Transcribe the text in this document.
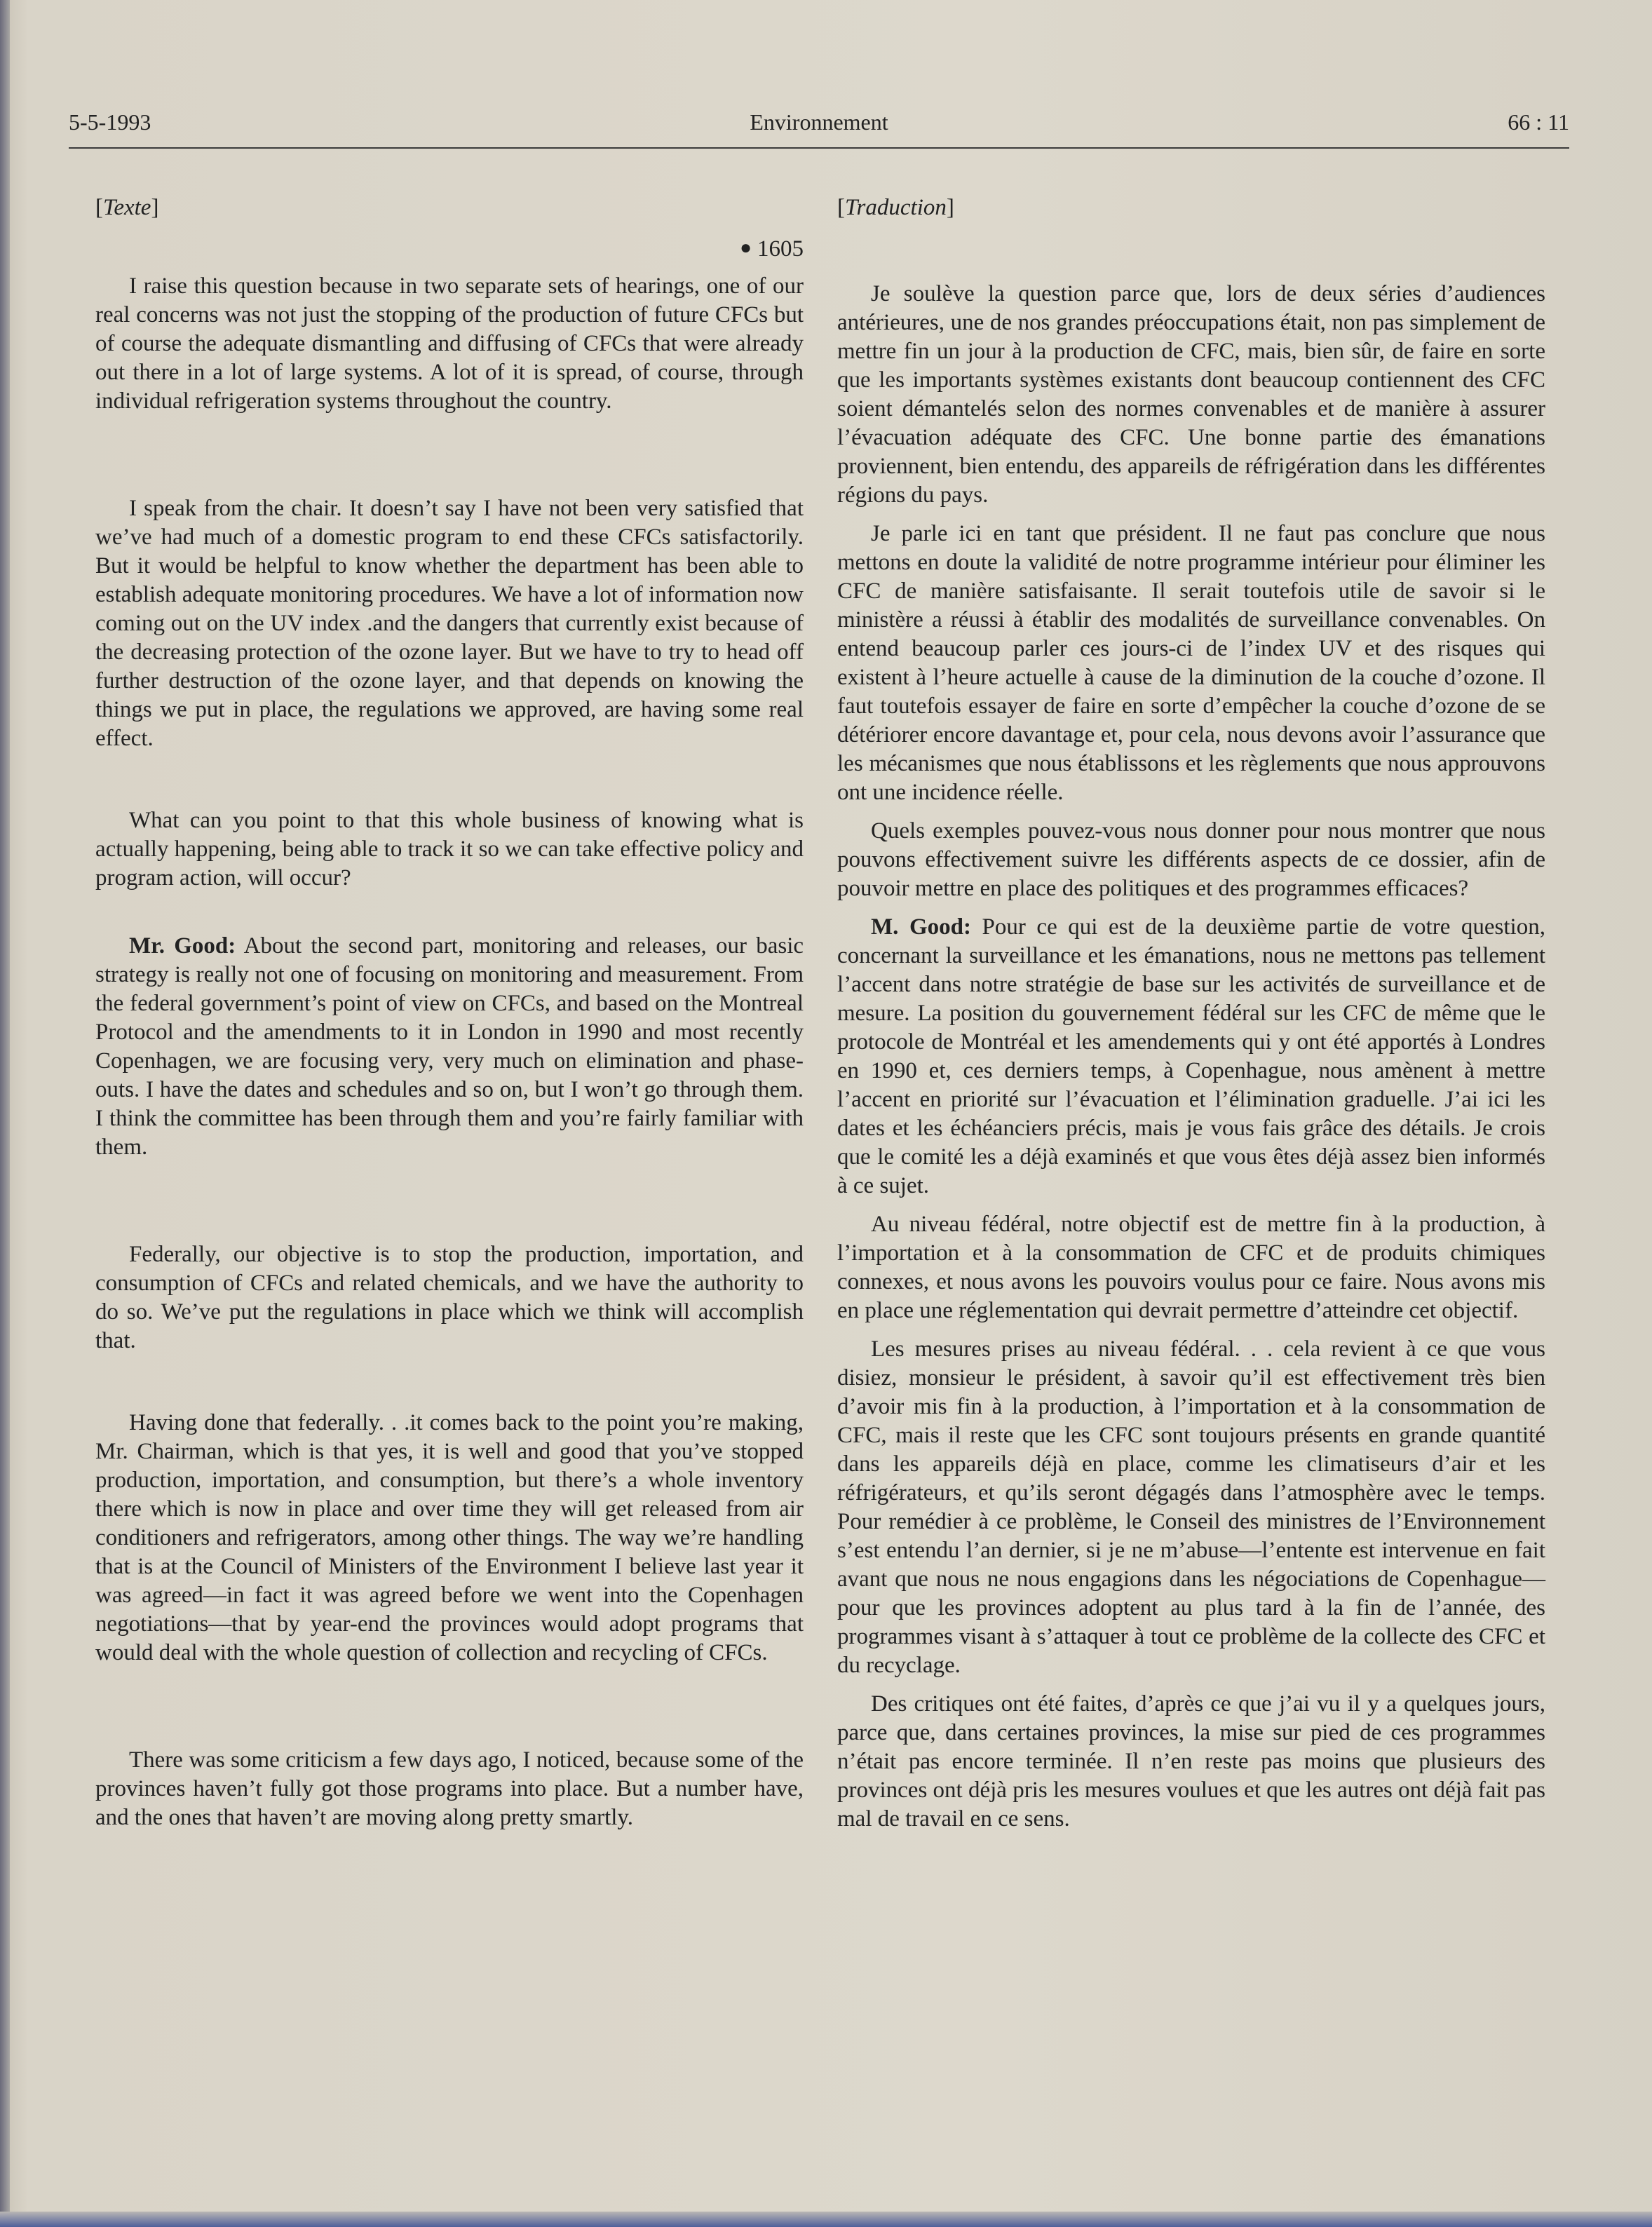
Environnement
5-5-1993	66 : 11
[Texte]
● 1605

I raise this question because in two separate sets of hearings, one of our real concerns was not just the stopping of the production of future CFCs but of course the adequate dismantling and diffusing of CFCs that were already out there in a lot of large systems. A lot of it is spread, of course, through individual refrigeration systems throughout the country.

I speak from the chair. It doesn’t say I have not been very satisfied that we’ve had much of a domestic program to end these CFCs satisfactorily. But it would be helpful to know whether the department has been able to establish adequate monitoring procedures. We have a lot of information now coming out on the UV index .and the dangers that currently exist because of the decreasing protection of the ozone layer. But we have to try to head off further destruction of the ozone layer, and that depends on knowing the things we put in place, the regulations we approved, are having some real effect.

What can you point to that this whole business of knowing what is actually happening, being able to track it so we can take effective policy and program action, will occur?

Mr. Good: About the second part, monitoring and releases, our basic strategy is really not one of focusing on monitoring and measurement. From the federal government’s point of view on CFCs, and based on the Montreal Protocol and the amendments to it in London in 1990 and most recently Copenhagen, we are focusing very, very much on elimination and phase-outs. I have the dates and schedules and so on, but I won’t go through them. I think the committee has been through them and you’re fairly familiar with them.

Federally, our objective is to stop the production, importation, and consumption of CFCs and related chemicals, and we have the authority to do so. We’ve put the regulations in place which we think will accomplish that.

Having done that federally. . .it comes back to the point you’re making, Mr. Chairman, which is that yes, it is well and good that you’ve stopped production, importation, and consumption, but there’s a whole inventory there which is now in place and over time they will get released from air conditioners and refrigerators, among other things. The way we’re handling that is at the Council of Ministers of the Environment I believe last year it was agreed—in fact it was agreed before we went into the Copenhagen negotiations—that by year-end the provinces would adopt programs that would deal with the whole question of collection and recycling of CFCs.

There was some criticism a few days ago, I noticed, because some of the provinces haven’t fully got those programs into place. But a number have, and the ones that haven’t are moving along pretty smartly.

[Traduction]

Je soulève la question parce que, lors de deux séries d’audiences antérieures, une de nos grandes préoccupations était, non pas simplement de mettre fin un jour à la production de CFC, mais, bien sûr, de faire en sorte que les importants systèmes existants dont beaucoup contiennent des CFC soient démantelés selon des normes convenables et de manière à assurer l’évacuation adéquate des CFC. Une bonne partie des émanations proviennent, bien entendu, des appareils de réfrigération dans les différentes régions du pays.

Je parle ici en tant que président. Il ne faut pas conclure que nous mettons en doute la validité de notre programme intérieur pour éliminer les CFC de manière satisfaisante. Il serait toutefois utile de savoir si le ministère a réussi à établir des modalités de surveillance convenables. On entend beaucoup parler ces jours-ci de l’index UV et des risques qui existent à l’heure actuelle à cause de la diminution de la couche d’ozone. Il faut toutefois essayer de faire en sorte d’empêcher la couche d’ozone de se détériorer encore davantage et, pour cela, nous devons avoir l’assurance que les mécanismes que nous établissons et les règlements que nous approuvons ont une incidence réelle.

Quels exemples pouvez-vous nous donner pour nous montrer que nous pouvons effectivement suivre les différents aspects de ce dossier, afin de pouvoir mettre en place des politiques et des programmes efficaces?

M. Good: Pour ce qui est de la deuxième partie de votre question, concernant la surveillance et les émanations, nous ne mettons pas tellement l’accent dans notre stratégie de base sur les activités de surveillance et de mesure. La position du gouvernement fédéral sur les CFC de même que le protocole de Montréal et les amendements qui y ont été apportés à Londres en 1990 et, ces derniers temps, à Copenhague, nous amènent à mettre l’accent en priorité sur l’évacuation et l’élimination graduelle. J’ai ici les dates et les échéanciers précis, mais je vous fais grâce des détails. Je crois que le comité les a déjà examinés et que vous êtes déjà assez bien informés à ce sujet.

Au niveau fédéral, notre objectif est de mettre fin à la production, à l’importation et à la consommation de CFC et de produits chimiques connexes, et nous avons les pouvoirs voulus pour ce faire. Nous avons mis en place une réglementation qui devrait permettre d’atteindre cet objectif.

Les mesures prises au niveau fédéral. . . cela revient à ce que vous disiez, monsieur le président, à savoir qu’il est effectivement très bien d’avoir mis fin à la production, à l’importation et à la consommation de CFC, mais il reste que les CFC sont toujours présents en grande quantité dans les appareils déjà en place, comme les climatiseurs d’air et les réfrigérateurs, et qu’ils seront dégagés dans l’atmosphère avec le temps. Pour remédier à ce problème, le Conseil des ministres de l’Environnement s’est entendu l’an dernier, si je ne m’abuse—l’entente est intervenue en fait avant que nous ne nous engagions dans les négociations de Copenhague—pour que les provinces adoptent au plus tard à la fin de l’année, des programmes visant à s’attaquer à tout ce problème de la collecte des CFC et du recyclage.

Des critiques ont été faites, d’après ce que j’ai vu il y a quelques jours, parce que, dans certaines provinces, la mise sur pied de ces programmes n’était pas encore terminée. Il n’en reste pas moins que plusieurs des provinces ont déjà pris les mesures voulues et que les autres ont déjà fait pas mal de travail en ce sens.
